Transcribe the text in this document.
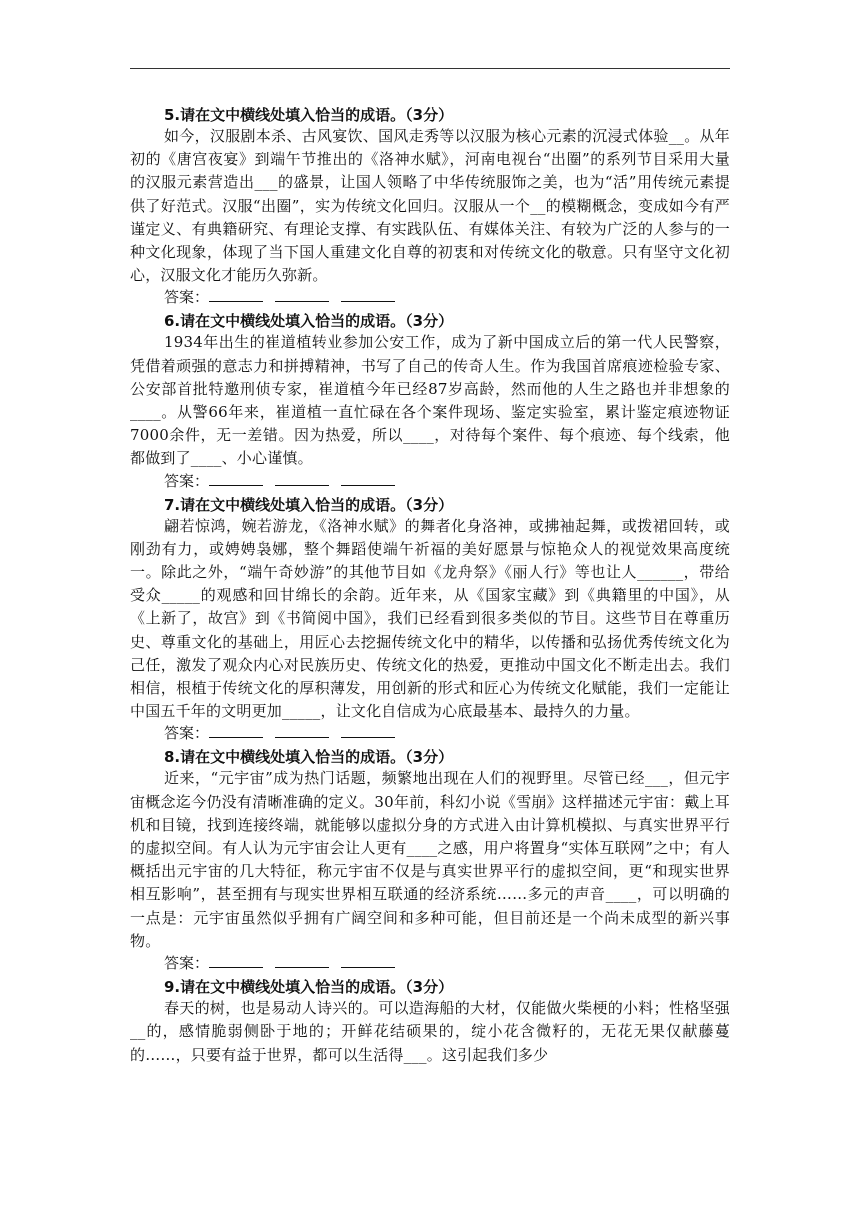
5.请在文中横线处填入恰当的成语。（3分）

如今，汉服剧本杀、古风宴饮、国风走秀等以汉服为核心元素的沉浸式体验__。从年初的《唐宫夜宴》到端午节推出的《洛神水赋》，河南电视台“出圈”的系列节目采用大量的汉服元素营造出___的盛景，让国人领略了中华传统服饰之美，也为“活”用传统元素提供了好范式。汉服“出圈”，实为传统文化回归。汉服从一个__的模糊概念，变成如今有严谨定义、有典籍研究、有理论支撑、有实践队伍、有媒体关注、有较为广泛的人参与的一种文化现象，体现了当下国人重建文化自尊的初衷和对传统文化的敬意。只有坚守文化初心，汉服文化才能历久弥新。

答案：
6.请在文中横线处填入恰当的成语。（3分）

1934年出生的崔道植转业参加公安工作，成为了新中国成立后的第一代人民警察，凭借着顽强的意志力和拼搏精神，书写了自己的传奇人生。作为我国首席痕迹检验专家、公安部首批特邀刑侦专家，崔道植今年已经87岁高龄，然而他的人生之路也并非想象的____。从警66年来，崔道植一直忙碌在各个案件现场、鉴定实验室，累计鉴定痕迹物证7000余件，无一差错。因为热爱，所以____，对待每个案件、每个痕迹、每个线索，他都做到了____、小心谨慎。

答案：
7.请在文中横线处填入恰当的成语。（3分）

翩若惊鸿，婉若游龙，《洛神水赋》的舞者化身洛神，或拂袖起舞，或拨裙回转，或刚劲有力，或娉娉袅娜，整个舞蹈使端午祈福的美好愿景与惊艳众人的视觉效果高度统一。除此之外，“端午奇妙游”的其他节目如《龙舟祭》《丽人行》等也让人______，带给受众_____的观感和回甘绵长的余韵。近年来，从《国家宝藏》到《典籍里的中国》，从《上新了，故宫》到《书简阅中国》，我们已经看到很多类似的节目。这些节目在尊重历史、尊重文化的基础上，用匠心去挖掘传统文化中的精华，以传播和弘扬优秀传统文化为己任，激发了观众内心对民族历史、传统文化的热爱，更推动中国文化不断走出去。我们相信，根植于传统文化的厚积薄发，用创新的形式和匠心为传统文化赋能，我们一定能让中国五千年的文明更加_____，让文化自信成为心底最基本、最持久的力量。

答案：
8.请在文中横线处填入恰当的成语。（3分）

近来，“元宇宙”成为热门话题，频繁地出现在人们的视野里。尽管已经___，但元宇宙概念迄今仍没有清晰准确的定义。30年前，科幻小说《雪崩》这样描述元宇宙：戴上耳机和目镜，找到连接终端，就能够以虚拟分身的方式进入由计算机模拟、与真实世界平行的虚拟空间。有人认为元宇宙会让人更有____之感，用户将置身“实体互联网”之中；有人概括出元宇宙的几大特征，称元宇宙不仅是与真实世界平行的虚拟空间，更“和现实世界相互影响”，甚至拥有与现实世界相互联通的经济系统……多元的声音____，可以明确的一点是：元宇宙虽然似乎拥有广阔空间和多种可能，但目前还是一个尚未成型的新兴事物。

答案：
9.请在文中横线处填入恰当的成语。（3分）

春天的树，也是易动人诗兴的。可以造海船的大材，仅能做火柴梗的小料；性格坚强__的，感情脆弱侧卧于地的；开鲜花结硕果的，绽小花含微籽的，无花无果仅献藤蔓的……，只要有益于世界，都可以生活得___。这引起我们多少
